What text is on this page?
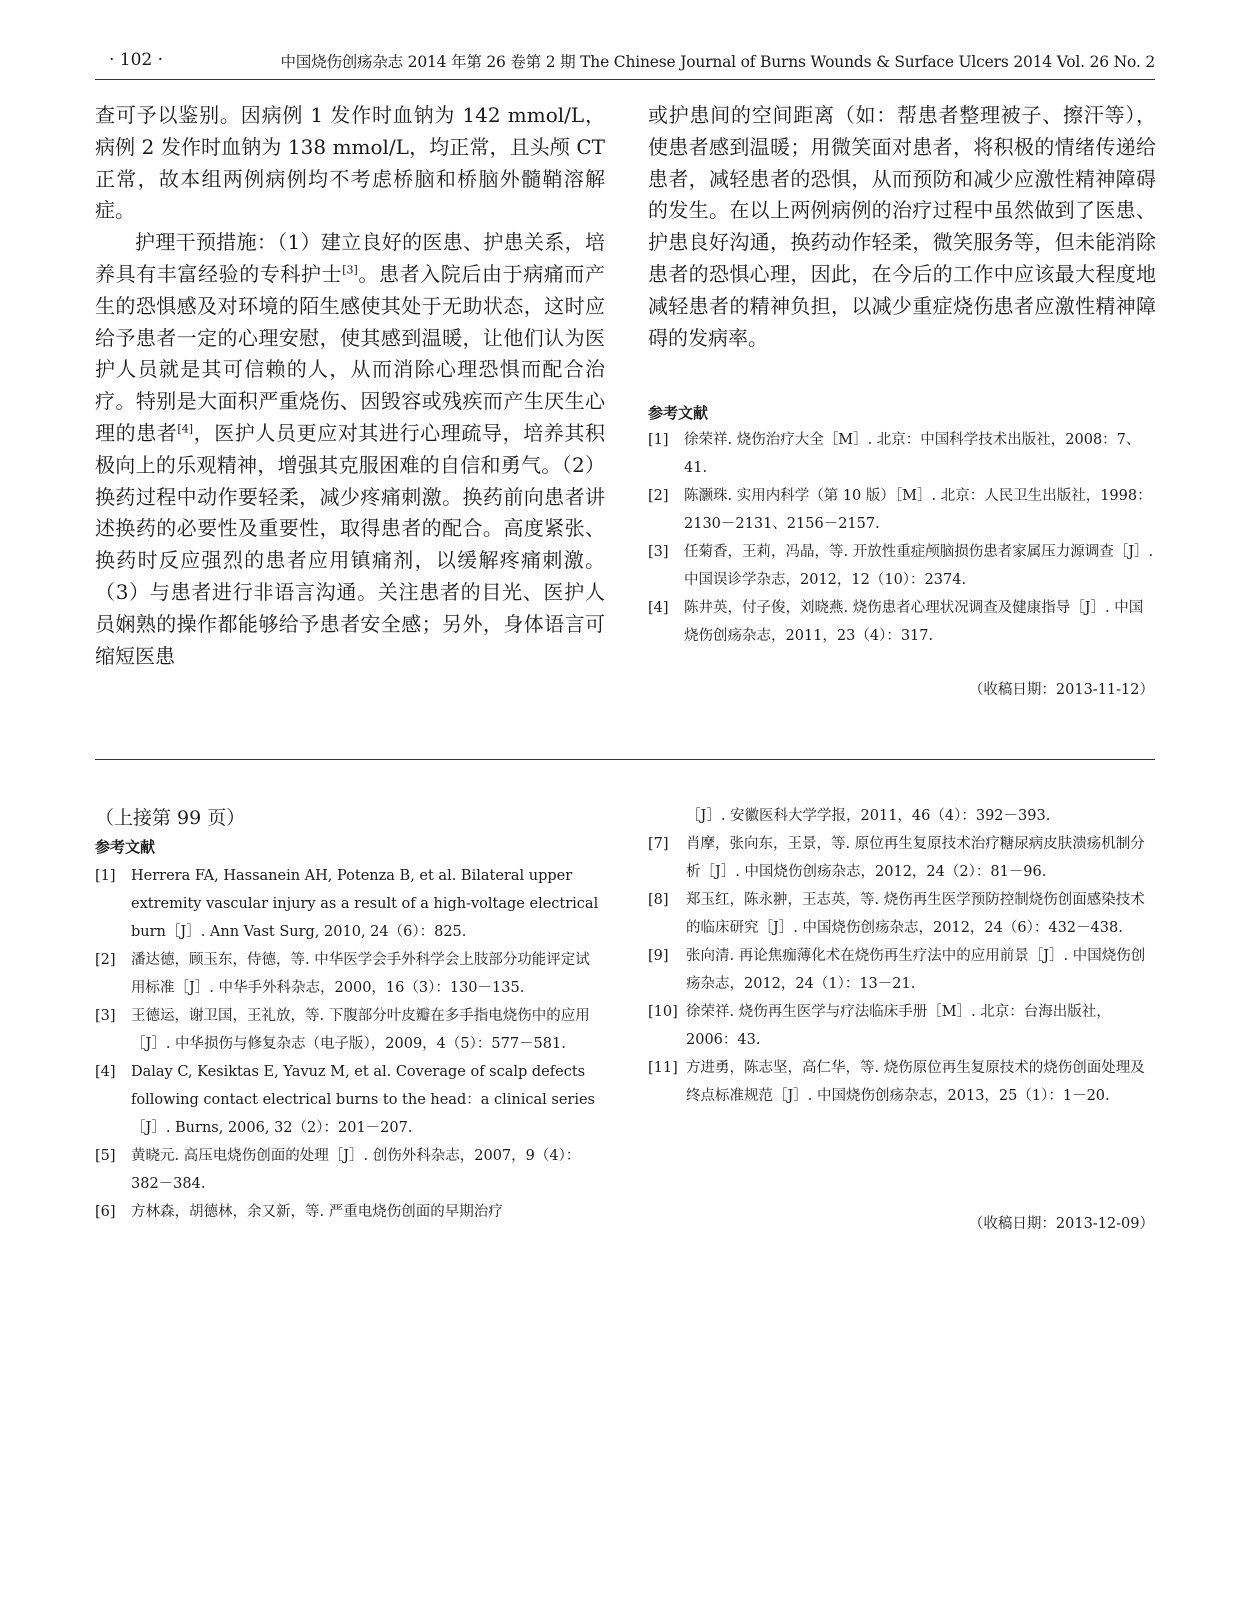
· 102 ·	中国烧伤创疡杂志 2014 年第 26 卷第 2 期 The Chinese Journal of Burns Wounds & Surface Ulcers 2014 Vol. 26 No. 2

查可予以鉴别。因病例 1 发作时血钠为 142 mmol/L，病例 2 发作时血钠为 138 mmol/L，均正常，且头颅 CT 正常，故本组两例病例均不考虑桥脑和桥脑外髓鞘溶解症。

护理干预措施：（1）建立良好的医患、护患关系，培养具有丰富经验的专科护士[3]。患者入院后由于病痛而产生的恐惧感及对环境的陌生感使其处于无助状态，这时应给予患者一定的心理安慰，使其感到温暖，让他们认为医护人员就是其可信赖的人，从而消除心理恐惧而配合治疗。特别是大面积严重烧伤、因毁容或残疾而产生厌生心理的患者[4]，医护人员更应对其进行心理疏导，培养其积极向上的乐观精神，增强其克服困难的自信和勇气。（2）换药过程中动作要轻柔，减少疼痛刺激。换药前向患者讲述换药的必要性及重要性，取得患者的配合。高度紧张、换药时反应强烈的患者应用镇痛剂，以缓解疼痛刺激。（3）与患者进行非语言沟通。关注患者的目光、医护人员娴熟的操作都能够给予患者安全感；另外，身体语言可缩短医患

或护患间的空间距离（如：帮患者整理被子、擦汗等），使患者感到温暖；用微笑面对患者，将积极的情绪传递给患者，减轻患者的恐惧，从而预防和减少应激性精神障碍的发生。在以上两例病例的治疗过程中虽然做到了医患、护患良好沟通，换药动作轻柔，微笑服务等，但未能消除患者的恐惧心理，因此，在今后的工作中应该最大程度地减轻患者的精神负担，以减少重症烧伤患者应激性精神障碍的发病率。

参考文献
[1] 徐荣祥. 烧伤治疗大全［M］. 北京：中国科学技术出版社，2008：7、41.
[2] 陈灏珠. 实用内科学（第 10 版）［M］. 北京：人民卫生出版社，1998：2130－2131、2156－2157.
[3] 任菊香，王莉，冯晶，等. 开放性重症颅脑损伤患者家属压力源调查［J］. 中国误诊学杂志，2012，12（10）：2374.
[4] 陈井英，付子俊，刘晓燕. 烧伤患者心理状况调查及健康指导［J］. 中国烧伤创疡杂志，2011，23（4）：317.
（收稿日期：2013-11-12）
（上接第 99 页）
参考文献
[1] Herrera FA, Hassanein AH, Potenza B, et al. Bilateral upper extremity vascular injury as a result of a high-voltage electrical burn［J］. Ann Vast Surg, 2010, 24（6）：825.
[2] 潘达德，顾玉东，侍德，等. 中华医学会手外科学会上肢部分功能评定试用标准［J］. 中华手外科杂志，2000，16（3）：130－135.
[3] 王德运，谢卫国，王礼放，等. 下腹部分叶皮瓣在多手指电烧伤中的应用［J］. 中华损伤与修复杂志（电子版），2009，4（5）：577－581.
[4] Dalay C, Kesiktas E, Yavuz M, et al. Coverage of scalp defects following contact electrical burns to the head：a clinical series［J］. Burns, 2006, 32（2）：201－207.
[5] 黄晓元. 高压电烧伤创面的处理［J］. 创伤外科杂志，2007，9（4）：382－384.
[6] 方林森，胡德林，余又新，等. 严重电烧伤创面的早期治疗
［J］. 安徽医科大学学报，2011，46（4）：392－393.
[7] 肖摩，张向东，王景，等. 原位再生复原技术治疗糖尿病皮肤溃疡机制分析［J］. 中国烧伤创疡杂志，2012，24（2）：81－96.
[8] 郑玉红，陈永翀，王志英，等. 烧伤再生医学预防控制烧伤创面感染技术的临床研究［J］. 中国烧伤创疡杂志，2012，24（6）：432－438.
[9] 张向清. 再论焦痂薄化术在烧伤再生疗法中的应用前景［J］. 中国烧伤创疡杂志，2012，24（1）：13－21.
[10] 徐荣祥. 烧伤再生医学与疗法临床手册［M］. 北京：台海出版社，2006：43.
[11] 方进勇，陈志坚，高仁华，等. 烧伤原位再生复原技术的烧伤创面处理及终点标准规范［J］. 中国烧伤创疡杂志，2013，25（1）：1－20.
（收稿日期：2013-12-09）
